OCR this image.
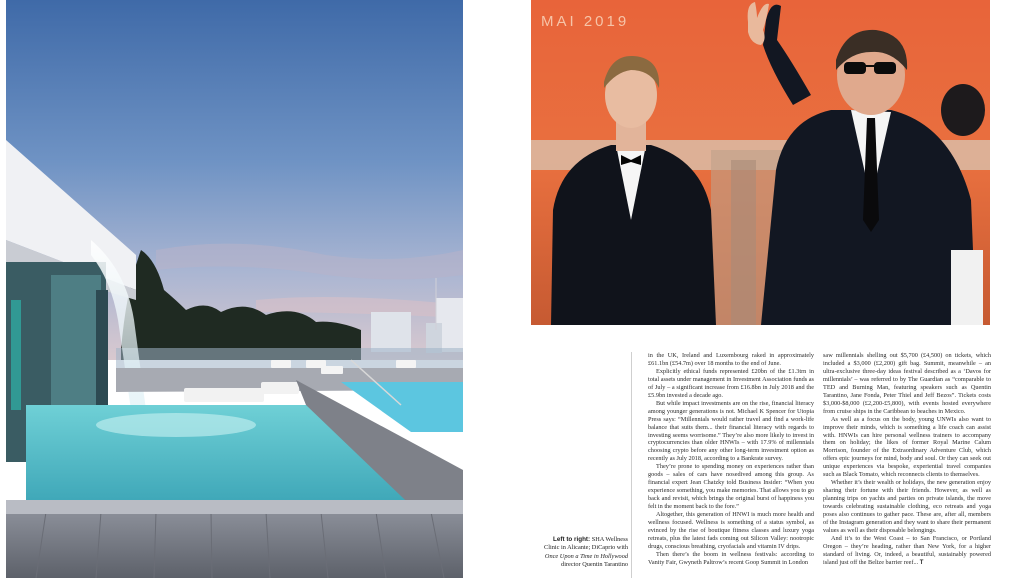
MAI 2019
Left to right: SHA Wellness Clinic in Alicante; DiCaprio with Once Upon a Time in Hollywood director Quentin Tarantino

in the UK, Ireland and Luxembourg raked in approximately £61.1bn (£54.7m) over 18 months to the end of June.

Explicitly ethical funds represented £20bn of the £1.3trn in total assets under management in Investment Association funds as of July – a significant increase from £16.8bn in July 2018 and the £5.9bn invested a decade ago.

But while impact investments are on the rise, financial literacy among younger generations is not. Michael K Spencer for Utopia Press says: “Millennials would rather travel and find a work-life balance that suits them... their financial literacy with regards to investing seems worrisome.” They’re also more likely to invest in cryptocurrencies than older HNWIs – with 17.9% of millennials choosing crypto before any other long-term investment option as recently as July 2018, according to a Bankrate survey.

They’re prone to spending money on experiences rather than goods – sales of cars have nosedived among this group. As financial expert Jean Chatzky told Business Insider: “When you experience something, you make memories. That allows you to go back and revisit, which brings the original burst of happiness you felt in the moment back to the fore.”

Altogether, this generation of HNWI is much more health and wellness focused. Wellness is something of a status symbol, as evinced by the rise of boutique fitness classes and luxury yoga retreats, plus the latest fads coming out Silicon Valley: nootropic drugs, conscious breathing, cryofacials and vitamin IV drips.

Then there’s the boom in wellness festivals: according to Vanity Fair, Gwyneth Paltrow’s recent Goop Summit in London

saw millennials shelling out $5,700 (£4,500) on tickets, which included a $3,000 (£2,200) gift bag. Summit, meanwhile – an ultra-exclusive three-day ideas festival described as a ‘Davos for millennials’ – was referred to by The Guardian as “comparable to TED and Burning Man, featuring speakers such as Quentin Tarantino, Jane Fonda, Peter Thiel and Jeff Bezos”. Tickets costs $3,000-$8,000 (£2,200-£5,800), with events hosted everywhere from cruise ships in the Caribbean to beaches in Mexico.

As well as a focus on the body, young UNWIs also want to improve their minds, which is something a life coach can assist with. HNWIs can hire personal wellness trainers to accompany them on holiday; the likes of former Royal Marine Calum Morrison, founder of the Extraordinary Adventure Club, which offers epic journeys for mind, body and soul. Or they can seek out unique experiences via bespoke, experiential travel companies such as Black Tomato, which reconnects clients to themselves.

Whether it’s their wealth or holidays, the new generation enjoy sharing their fortune with their friends. However, as well as planning trips on yachts and parties on private islands, the move towards celebrating sustainable clothing, eco retreats and yoga poses also continues to gather pace. These are, after all, members of the Instagram generation and they want to share their permanent values as well as their disposable belongings.

And it’s to the West Coast – to San Francisco, or Portland Oregon – they’re heading, rather than New York, for a higher standard of living. Or, indeed, a beautiful, sustainably powered island just off the Belize barrier reef... T
